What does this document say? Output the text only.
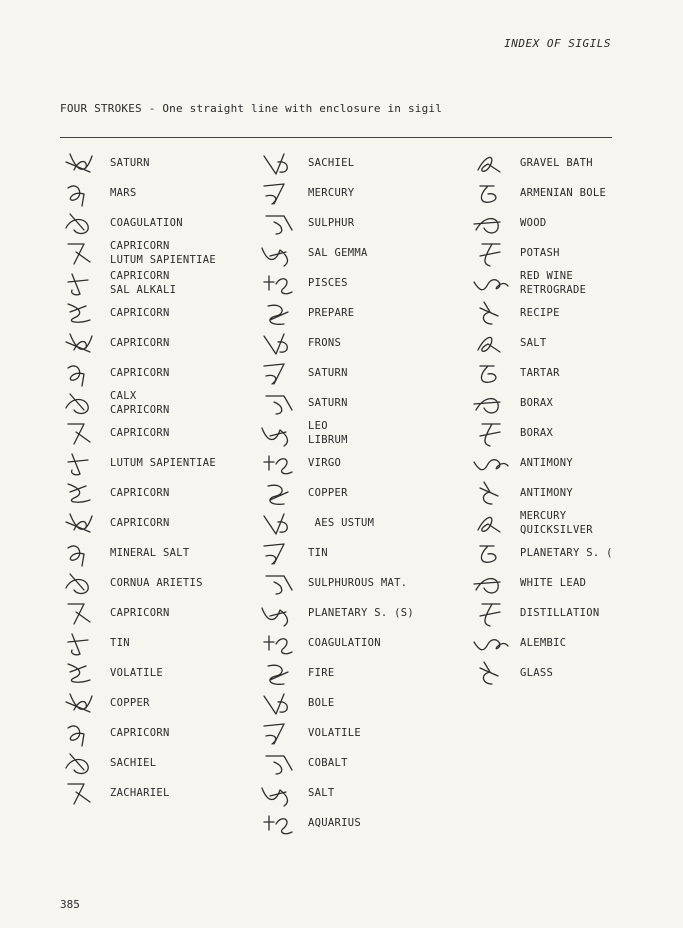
INDEX OF SIGILS
FOUR STROKES - One straight line with enclosure in sigil
SATURN
MARS
COAGULATION
CAPRICORN
LUTUM SAPIENTIAE
CAPRICORN
SAL ALKALI
CAPRICORN
CAPRICORN
CAPRICORN
CALX
CAPRICORN
CAPRICORN
LUTUM SAPIENTIAE
CAPRICORN
CAPRICORN
MINERAL SALT
CORNUA ARIETIS
CAPRICORN
TIN
VOLATILE
COPPER
CAPRICORN
SACHIEL
ZACHARIEL
SACHIEL
MERCURY
SULPHUR
SAL GEMMA
PISCES
PREPARE
FRONS
SATURN
SATURN
LEO
LIBRUM
VIRGO
COPPER
AES USTUM
TIN
SULPHUROUS MAT.
PLANETARY S. (S)
COAGULATION
FIRE
BOLE
VOLATILE
COBALT
SALT
AQUARIUS
GRAVEL BATH
ARMENIAN BOLE
WOOD
POTASH
RED WINE
RETROGRADE
RECIPE
SALT
TARTAR
BORAX
BORAX
ANTIMONY
ANTIMONY
MERCURY
QUICKSILVER
PLANETARY S. (
WHITE LEAD
DISTILLATION
ALEMBIC
GLASS
385
